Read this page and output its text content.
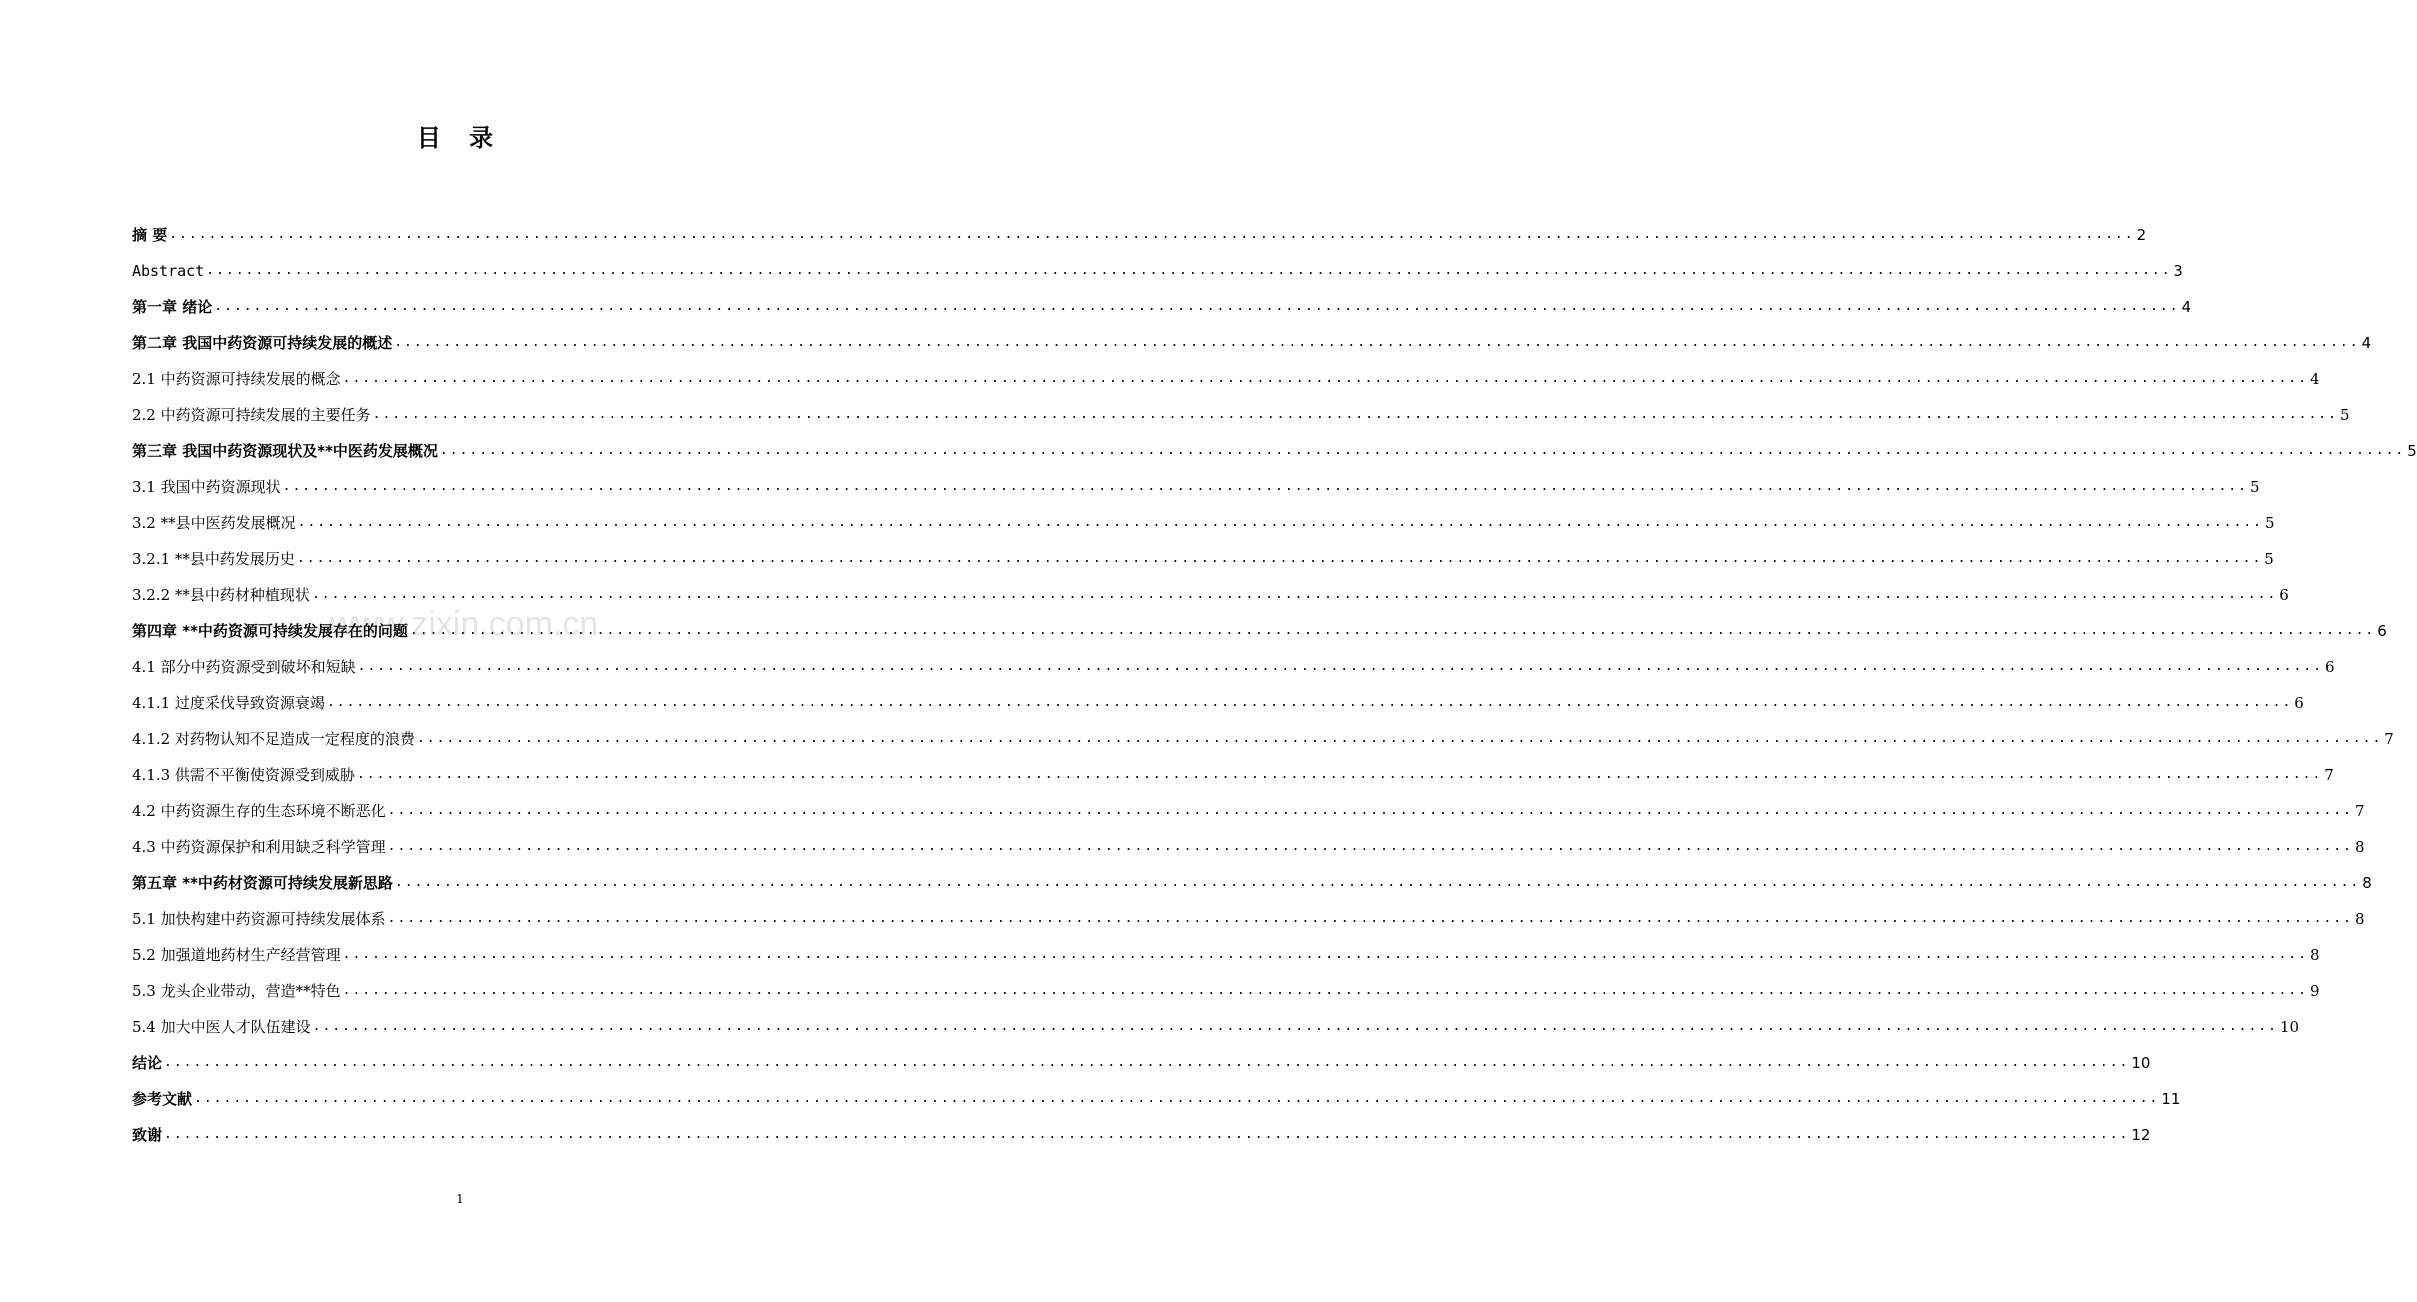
目 录
www.zixin.com.cn
摘 要 ........................................................................................................................................................................................................ 2
Abstract ........................................................................................................................................................................................................ 3
第一章 绪论 ........................................................................................................................................................................................................ 4
第二章 我国中药资源可持续发展的概述 ........................................................................................................................................................................................................ 4
2.1 中药资源可持续发展的概念 ........................................................................................................................................................................................................ 4
2.2 中药资源可持续发展的主要任务 ........................................................................................................................................................................................................ 5
第三章 我国中药资源现状及**中医药发展概况 ........................................................................................................................................................................................................ 5
3.1 我国中药资源现状 ........................................................................................................................................................................................................ 5
3.2 **县中医药发展概况 ........................................................................................................................................................................................................ 5
3.2.1 **县中药发展历史 ........................................................................................................................................................................................................ 5
3.2.2 **县中药材种植现状 ........................................................................................................................................................................................................ 6
第四章 **中药资源可持续发展存在的问题 ........................................................................................................................................................................................................ 6
4.1 部分中药资源受到破坏和短缺 ........................................................................................................................................................................................................ 6
4.1.1 过度采伐导致资源衰竭 ........................................................................................................................................................................................................ 6
4.1.2 对药物认知不足造成一定程度的浪费 ........................................................................................................................................................................................................ 7
4.1.3 供需不平衡使资源受到威胁 ........................................................................................................................................................................................................ 7
4.2 中药资源生存的生态环境不断恶化 ........................................................................................................................................................................................................ 7
4.3 中药资源保护和利用缺乏科学管理 ........................................................................................................................................................................................................ 8
第五章 **中药材资源可持续发展新思路 ........................................................................................................................................................................................................ 8
5.1 加快构建中药资源可持续发展体系 ........................................................................................................................................................................................................ 8
5.2 加强道地药材生产经营管理 ........................................................................................................................................................................................................ 8
5.3 龙头企业带动，营造**特色 ........................................................................................................................................................................................................ 9
5.4 加大中医人才队伍建设 ........................................................................................................................................................................................................ 10
结论 ........................................................................................................................................................................................................ 10
参考文献 ........................................................................................................................................................................................................ 11
致谢 ........................................................................................................................................................................................................ 12
1
